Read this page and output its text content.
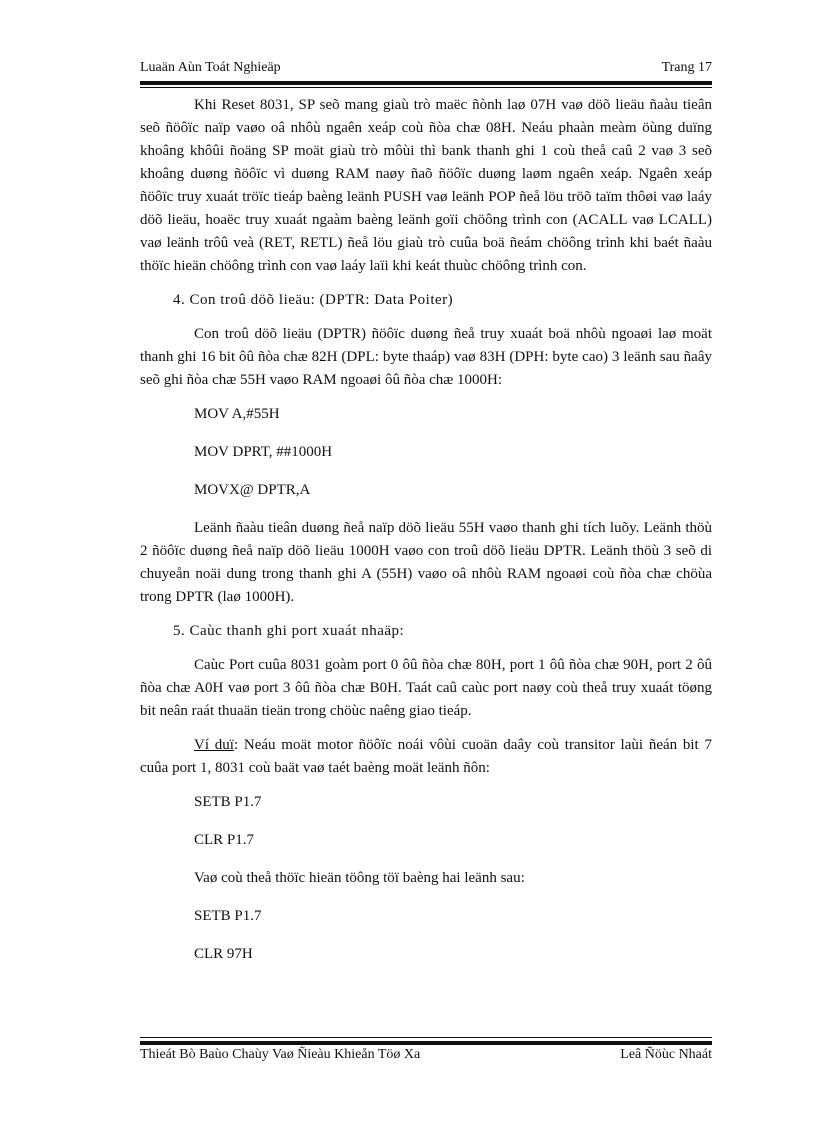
Luaän Aùn Toát Nghieäp	Trang 17

Khi Reset 8031, SP seõ mang giaù trò maëc ñònh laø 07H vaø döõ lieäu ñaàu tieân seõ ñöôïc naïp vaøo oâ nhôù ngaên xeáp coù ñòa chæ 08H. Neáu phaàn meàm öùng duïng khoâng khôûi ñoäng SP moät giaù trò môùi thì bank thanh ghi 1 coù theå caû 2 vaø 3 seõ khoâng duøng ñöôïc vì duøng RAM naøy ñaõ ñöôïc duøng laøm ngaên xeáp. Ngaên xeáp ñöôïc truy xuaát tröïc tieáp baèng leänh PUSH vaø leänh POP ñeå löu tröõ taïm thôøi vaø laáy döõ lieäu, hoaëc truy xuaát ngaàm baèng leänh goïi chöông trình con (ACALL vaø LCALL) vaø leänh trôû veà (RET, RETL) ñeå löu giaù trò cuûa boä ñeám chöông trình khi baét ñaàu thöïc hieän chöông trình con vaø laáy laïi khi keát thuùc chöông trình con.

4. Con troû döõ lieäu: (DPTR: Data Poiter)

Con troû döõ lieäu (DPTR) ñöôïc duøng ñeå truy xuaát boä nhôù ngoaøi laø moät thanh ghi 16 bit ôû ñòa chæ 82H (DPL: byte thaáp) vaø 83H (DPH: byte cao) 3 leänh sau ñaây seõ ghi ñòa chæ 55H vaøo RAM ngoaøi ôû ñòa chæ 1000H:

MOV A,#55H

MOV DPRT, ##1000H

MOVX@ DPTR,A

Leänh ñaàu tieân duøng ñeå naïp döõ lieäu 55H vaøo thanh ghi tích luõy. Leänh thöù 2 ñöôïc duøng ñeå naïp döõ lieäu 1000H vaøo con troû döõ lieäu DPTR. Leänh thöù 3 seõ di chuyeån noäi dung trong thanh ghi A (55H) vaøo oâ nhôù RAM ngoaøi coù ñòa chæ chöùa trong DPTR (laø 1000H).

5. Caùc thanh ghi port xuaát nhaäp:

Caùc Port cuûa 8031 goàm port 0 ôû ñòa chæ 80H, port 1 ôû ñòa chæ 90H, port 2 ôû ñòa chæ A0H vaø port 3 ôû ñòa chæ B0H. Taát caû caùc port naøy coù theå truy xuaát töøng bit neân raát thuaän tieän trong chöùc naêng giao tieáp.

Ví duï: Neáu moät motor ñöôïc noái vôùi cuoän daây coù transitor laùi ñeán bit 7 cuûa port 1, 8031 coù baät vaø taét baèng moät leänh ñôn:

SETB P1.7

CLR P1.7

Vaø coù theå thöïc hieän töông töï baèng hai leänh sau:

SETB P1.7

CLR 97H

Thieát Bò Baùo Chaùy Vaø Ñieàu Khieån Töø Xa	Leâ Ñöùc Nhaát
